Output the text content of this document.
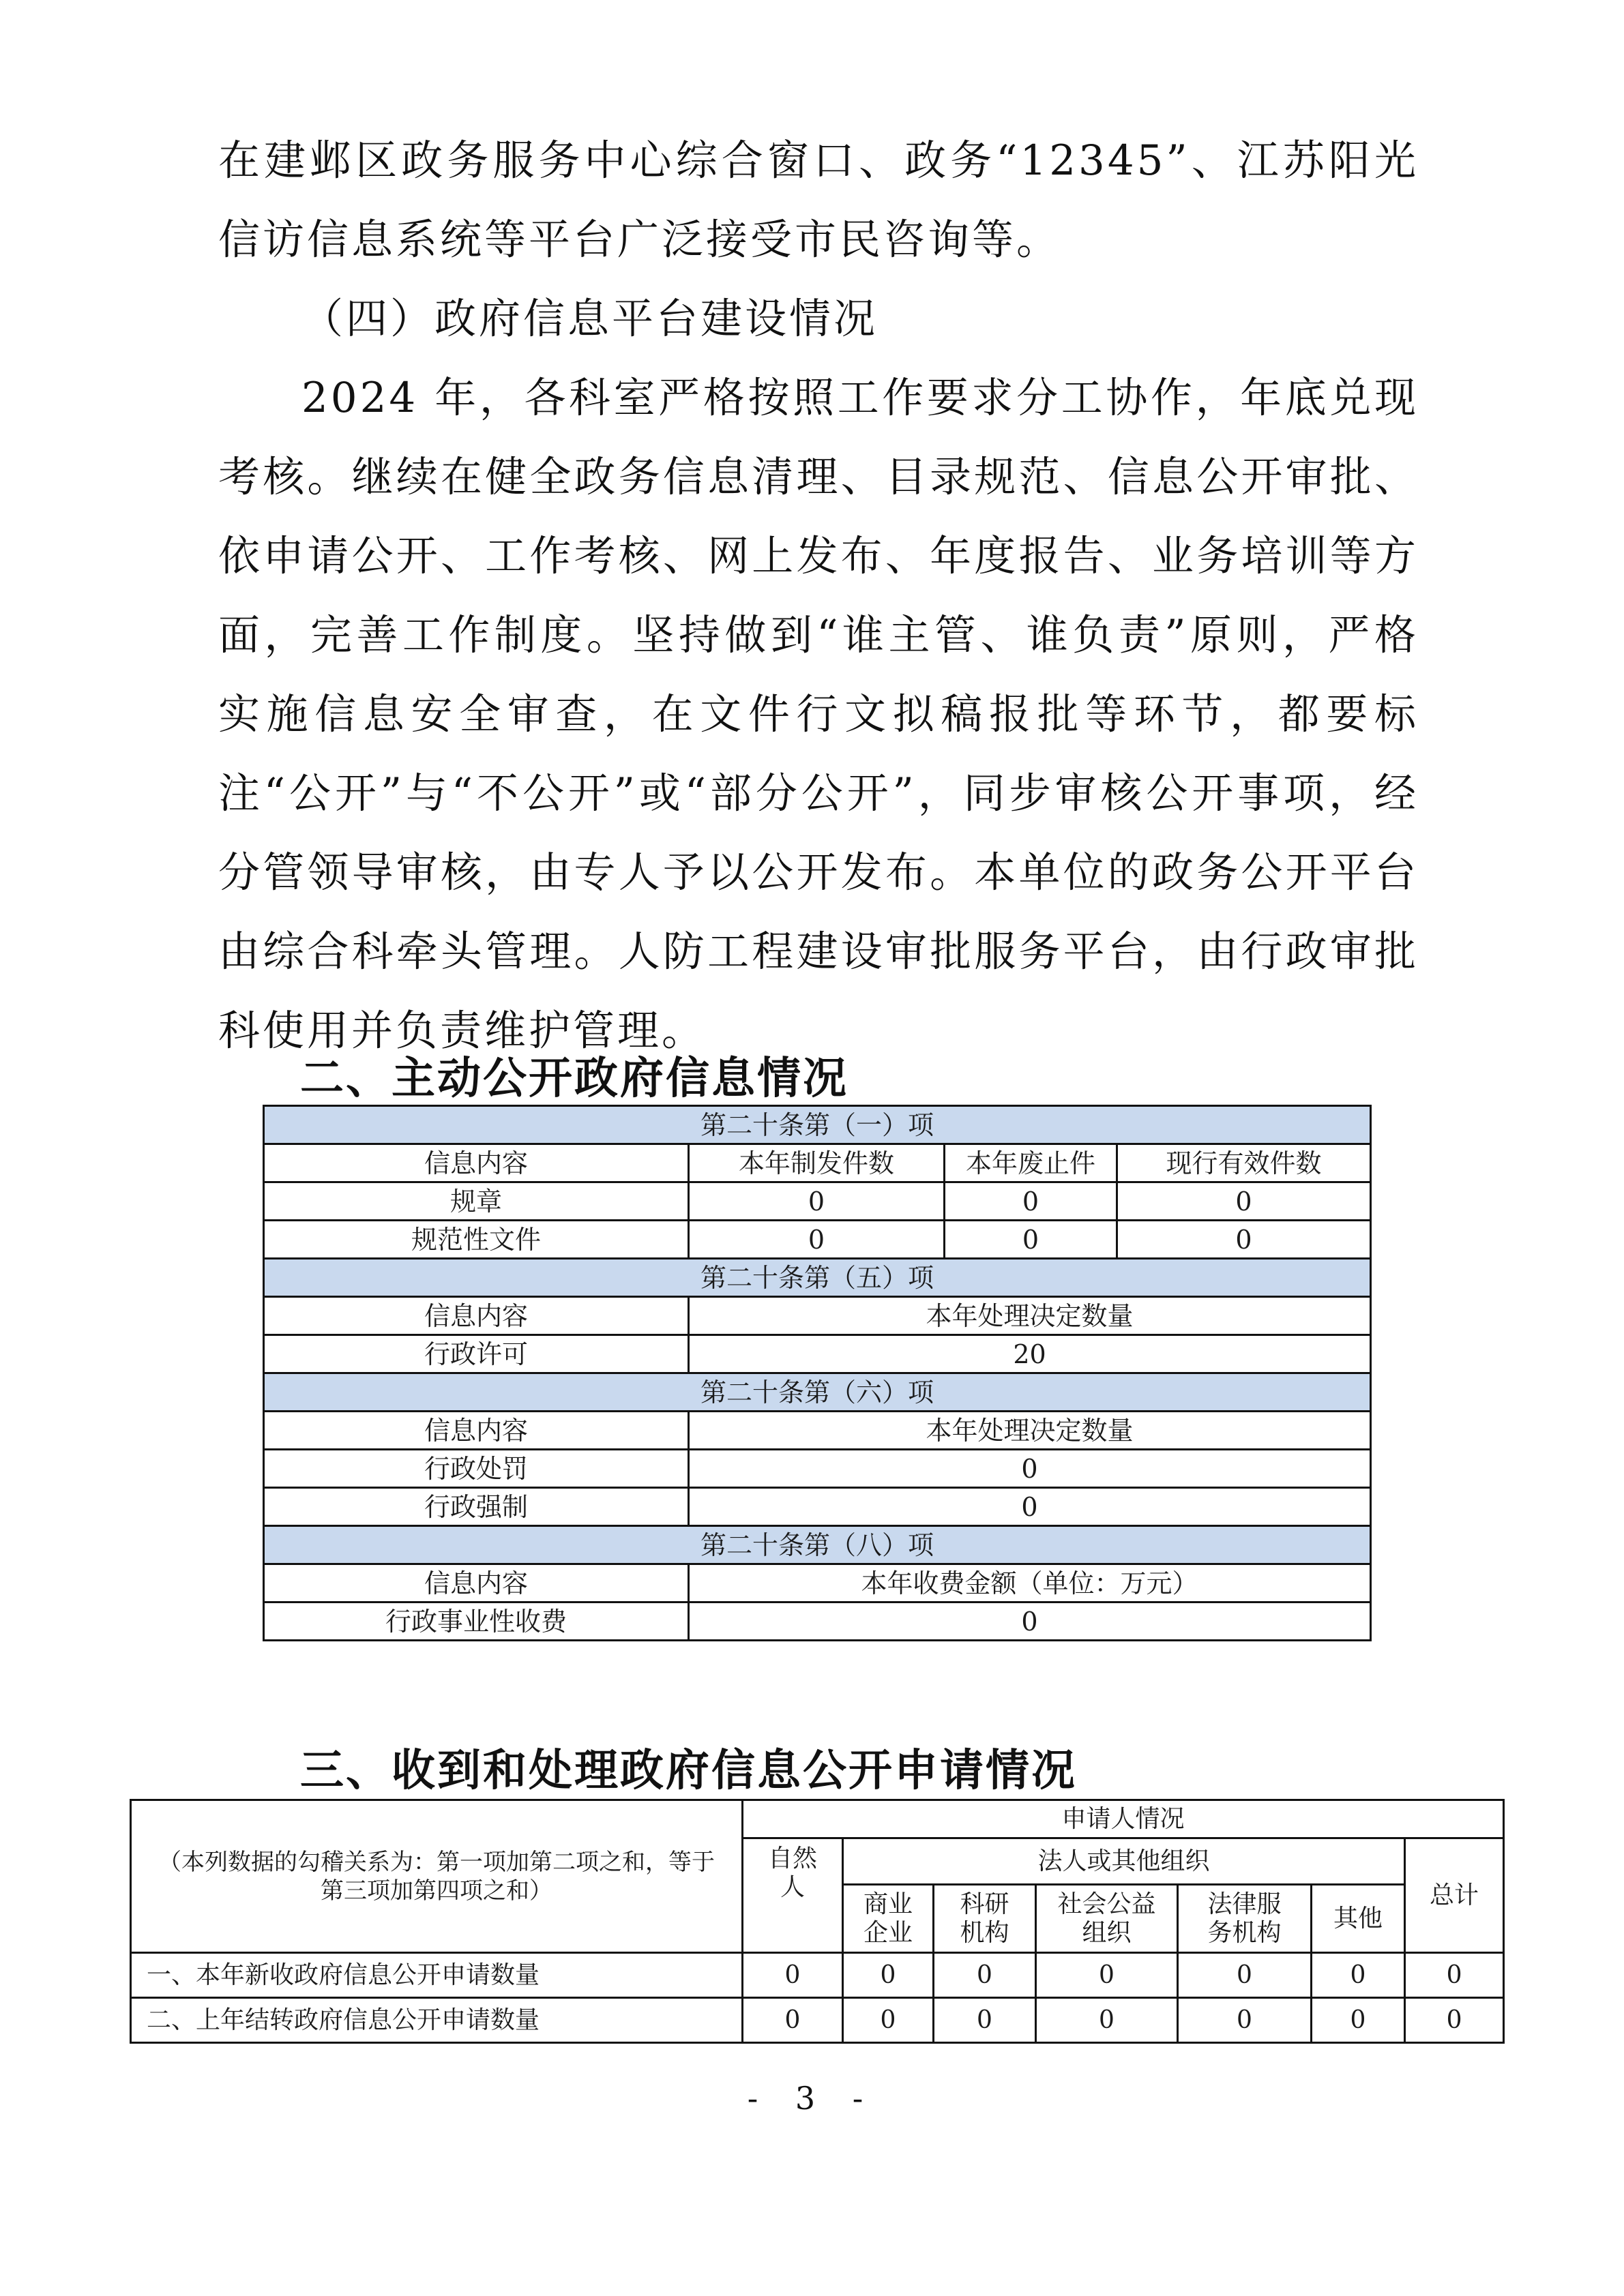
在建邺区政务服务中心综合窗口、政务“12345”、江苏阳光信访信息系统等平台广泛接受市民咨询等。

（四）政府信息平台建设情况

2024 年，各科室严格按照工作要求分工协作，年底兑现考核。继续在健全政务信息清理、目录规范、信息公开审批、依申请公开、工作考核、网上发布、年度报告、业务培训等方面，完善工作制度。坚持做到“谁主管、谁负责”原则，严格实施信息安全审查，在文件行文拟稿报批等环节，都要标注“公开”与“不公开”或“部分公开”，同步审核公开事项，经分管领导审核，由专人予以公开发布。本单位的政务公开平台由综合科牵头管理。人防工程建设审批服务平台，由行政审批科使用并负责维护管理。

二、主动公开政府信息情况
第二十条第（一）项			
信息内容	本年制发件数	本年废止件	现行有效件数
规章	0	0	0
规范性文件	0	0	0
第二十条第（五）项			
信息内容	本年处理决定数量		
行政许可	20		
第二十条第（六）项			
信息内容	本年处理决定数量		
行政处罚	0		
行政强制	0		
第二十条第（八）项			
信息内容	本年收费金额（单位：万元）		
行政事业性收费	0		
三、收到和处理政府信息公开申请情况
（本列数据的勾稽关系为：第一项加第二项之和，等于第三项加第四项之和）	申请人情况						
	自然人	法人或其他组织					总计
		商业企业	科研机构	社会公益组织	法律服务机构	其他	
一、本年新收政府信息公开申请数量	0	0	0	0	0	0	0
二、上年结转政府信息公开申请数量	0	0	0	0	0	0	0
- 3 -
